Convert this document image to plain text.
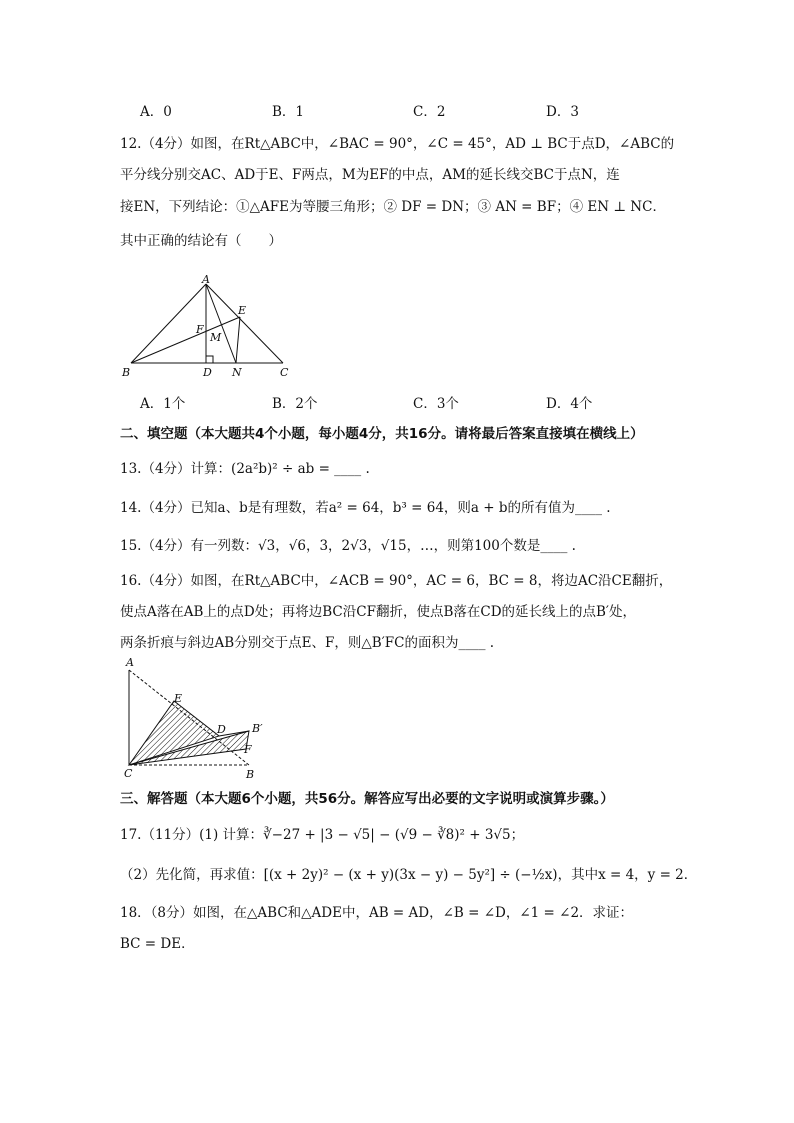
A．0	B．1	C．2	D．3
12.（4分）如图，在Rt△ABC中，∠BAC = 90°，∠C = 45°，AD ⊥ BC于点D，∠ABC的
平分线分别交AC、AD于E、F两点，M为EF的中点，AM的延长线交BC于点N，连
接EN，下列结论：①△AFE为等腰三角形；② DF = DN；③ AN = BF；④ EN ⊥ NC．
其中正确的结论有（　　）
A
E
F
M
B	D N	C
A．1个	B．2个	C．3个	D．4个
二、填空题（本大题共4个小题，每小题4分，共16分。请将最后答案直接填在横线上）
13.（4分）计算：(2a²b)² ÷ ab = ____ .
14.（4分）已知a、b是有理数，若a² = 64，b³ = 64，则a + b的所有值为____ .
15.（4分）有一列数：√3，√6，3，2√3，√15，…，则第100个数是____ .
16.（4分）如图，在Rt△ABC中，∠ACB = 90°，AC = 6，BC = 8，将边AC沿CE翻折，
使点A落在AB上的点D处；再将边BC沿CF翻折，使点B落在CD的延长线上的点B′处，
两条折痕与斜边AB分别交于点E、F，则△B′FC的面积为____ .
A
E
D B′
F
C	B
三、解答题（本大题6个小题，共56分。解答应写出必要的文字说明或演算步骤。）
17.（11分）(1) 计算：∛−27 + |3 − √5| − (√9 − ∛8)² + 3√5；
（2）先化简，再求值：[(x + 2y)² − (x + y)(3x − y) − 5y²] ÷ (−½x)，其中x = 4，y = 2．
18．（8分）如图，在△ABC和△ADE中，AB = AD，∠B = ∠D，∠1 = ∠2．求证：
BC = DE．
